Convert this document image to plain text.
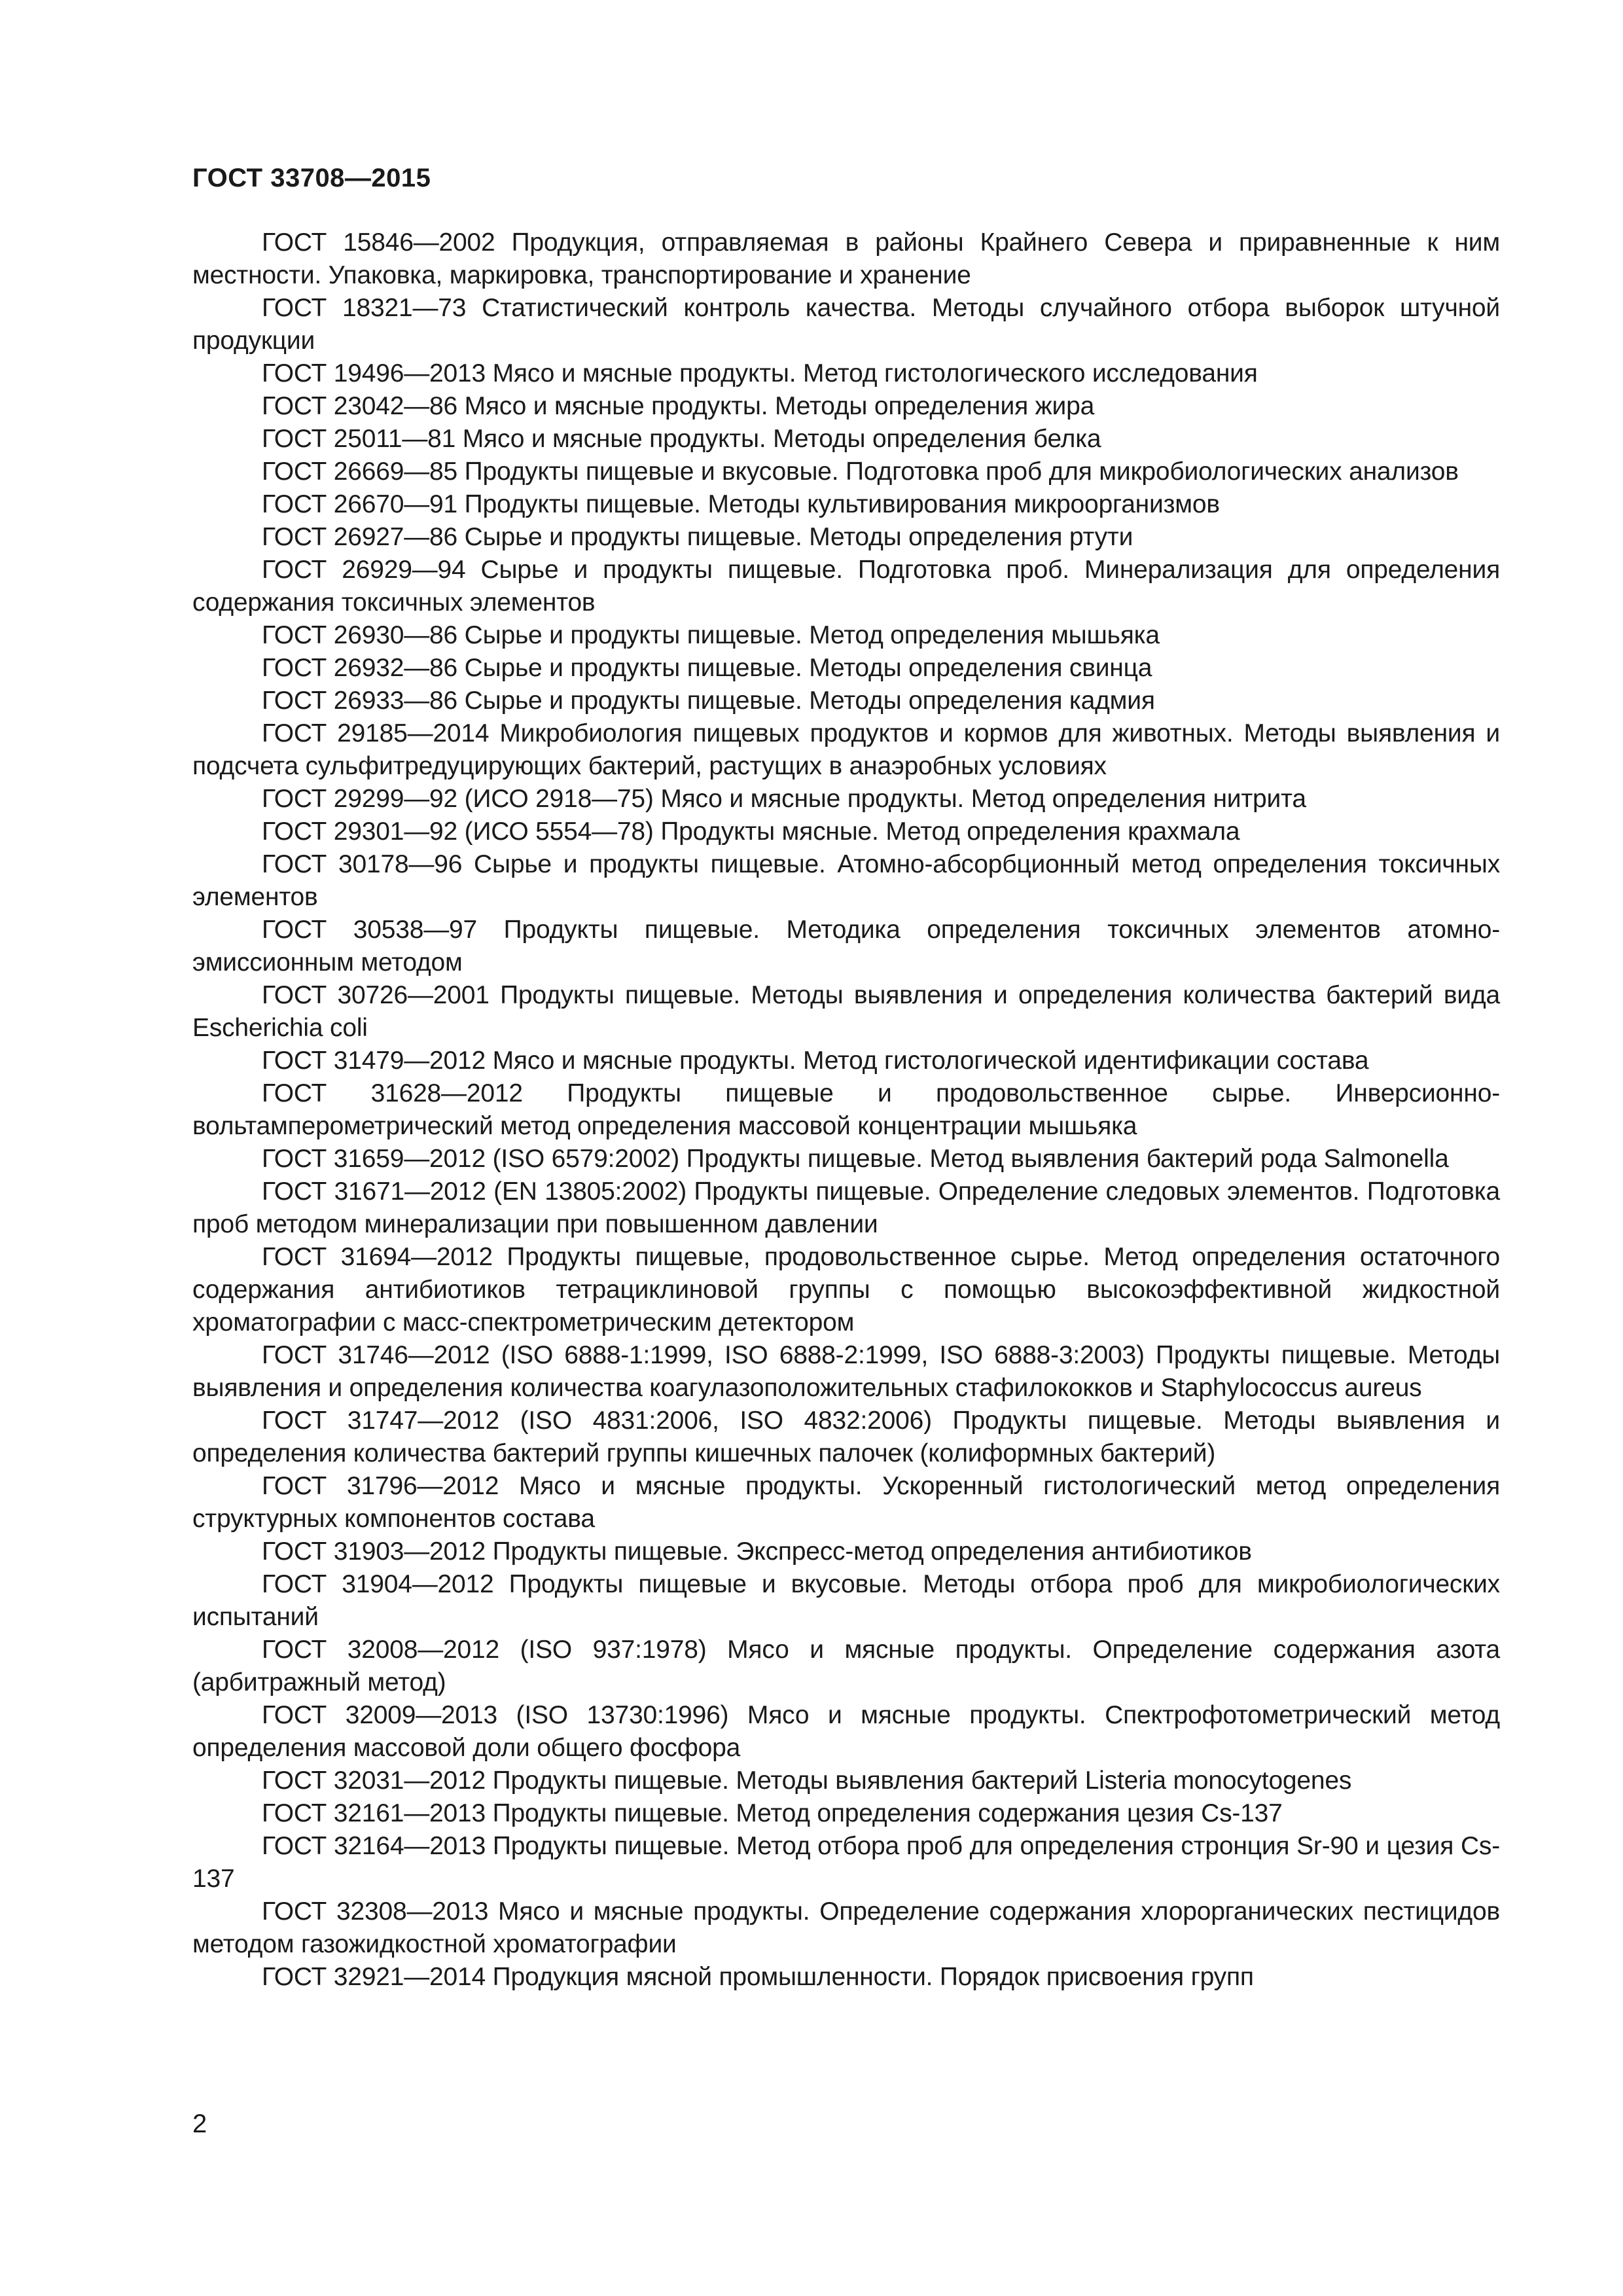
ГОСТ 33708—2015
ГОСТ 15846—2002 Продукция, отправляемая в районы Крайнего Севера и приравненные к ним местности. Упаковка, маркировка, транспортирование и хранение
ГОСТ 18321—73 Статистический контроль качества. Методы случайного отбора выборок штучной продукции
ГОСТ 19496—2013 Мясо и мясные продукты. Метод гистологического исследования
ГОСТ 23042—86 Мясо и мясные продукты. Методы определения жира
ГОСТ 25011—81 Мясо и мясные продукты. Методы определения белка
ГОСТ 26669—85 Продукты пищевые и вкусовые. Подготовка проб для микробиологических анализов
ГОСТ 26670—91 Продукты пищевые. Методы культивирования микроорганизмов
ГОСТ 26927—86 Сырье и продукты пищевые. Методы определения ртути
ГОСТ 26929—94 Сырье и продукты пищевые. Подготовка проб. Минерализация для определения содержания токсичных элементов
ГОСТ 26930—86 Сырье и продукты пищевые. Метод определения мышьяка
ГОСТ 26932—86 Сырье и продукты пищевые. Методы определения свинца
ГОСТ 26933—86 Сырье и продукты пищевые. Методы определения кадмия
ГОСТ 29185—2014 Микробиология пищевых продуктов и кормов для животных. Методы выявления и подсчета сульфитредуцирующих бактерий, растущих в анаэробных условиях
ГОСТ 29299—92 (ИСО 2918—75) Мясо и мясные продукты. Метод определения нитрита
ГОСТ 29301—92 (ИСО 5554—78) Продукты мясные. Метод определения крахмала
ГОСТ 30178—96 Сырье и продукты пищевые. Атомно-абсорбционный метод определения токсичных элементов
ГОСТ 30538—97 Продукты пищевые. Методика определения токсичных элементов атомно-эмиссионным методом
ГОСТ 30726—2001 Продукты пищевые. Методы выявления и определения количества бактерий вида Escherichia coli
ГОСТ 31479—2012 Мясо и мясные продукты. Метод гистологической идентификации состава
ГОСТ 31628—2012 Продукты пищевые и продовольственное сырье. Инверсионно-вольтамперометрический метод определения массовой концентрации мышьяка
ГОСТ 31659—2012 (ISO 6579:2002) Продукты пищевые. Метод выявления бактерий рода Salmonella
ГОСТ 31671—2012 (EN 13805:2002) Продукты пищевые. Определение следовых элементов. Подготовка проб методом минерализации при повышенном давлении
ГОСТ 31694—2012 Продукты пищевые, продовольственное сырье. Метод определения остаточного содержания антибиотиков тетрациклиновой группы с помощью высокоэффективной жидкостной хроматографии с масс-спектрометрическим детектором
ГОСТ 31746—2012 (ISO 6888-1:1999, ISO 6888-2:1999, ISO 6888-3:2003) Продукты пищевые. Методы выявления и определения количества коагулазоположительных стафилококков и Staphylococcus aureus
ГОСТ 31747—2012 (ISO 4831:2006, ISO 4832:2006) Продукты пищевые. Методы выявления и определения количества бактерий группы кишечных палочек (колиформных бактерий)
ГОСТ 31796—2012 Мясо и мясные продукты. Ускоренный гистологический метод определения структурных компонентов состава
ГОСТ 31903—2012 Продукты пищевые. Экспресс-метод определения антибиотиков
ГОСТ 31904—2012 Продукты пищевые и вкусовые. Методы отбора проб для микробиологических испытаний
ГОСТ 32008—2012 (ISO 937:1978) Мясо и мясные продукты. Определение содержания азота (арбитражный метод)
ГОСТ 32009—2013 (ISO 13730:1996) Мясо и мясные продукты. Спектрофотометрический метод определения массовой доли общего фосфора
ГОСТ 32031—2012 Продукты пищевые. Методы выявления бактерий Listeria monocytogenes
ГОСТ 32161—2013 Продукты пищевые. Метод определения содержания цезия Cs-137
ГОСТ 32164—2013 Продукты пищевые. Метод отбора проб для определения стронция Sr-90 и цезия Cs-137
ГОСТ 32308—2013 Мясо и мясные продукты. Определение содержания хлорорганических пестицидов методом газожидкостной хроматографии
ГОСТ 32921—2014 Продукция мясной промышленности. Порядок присвоения групп
2
